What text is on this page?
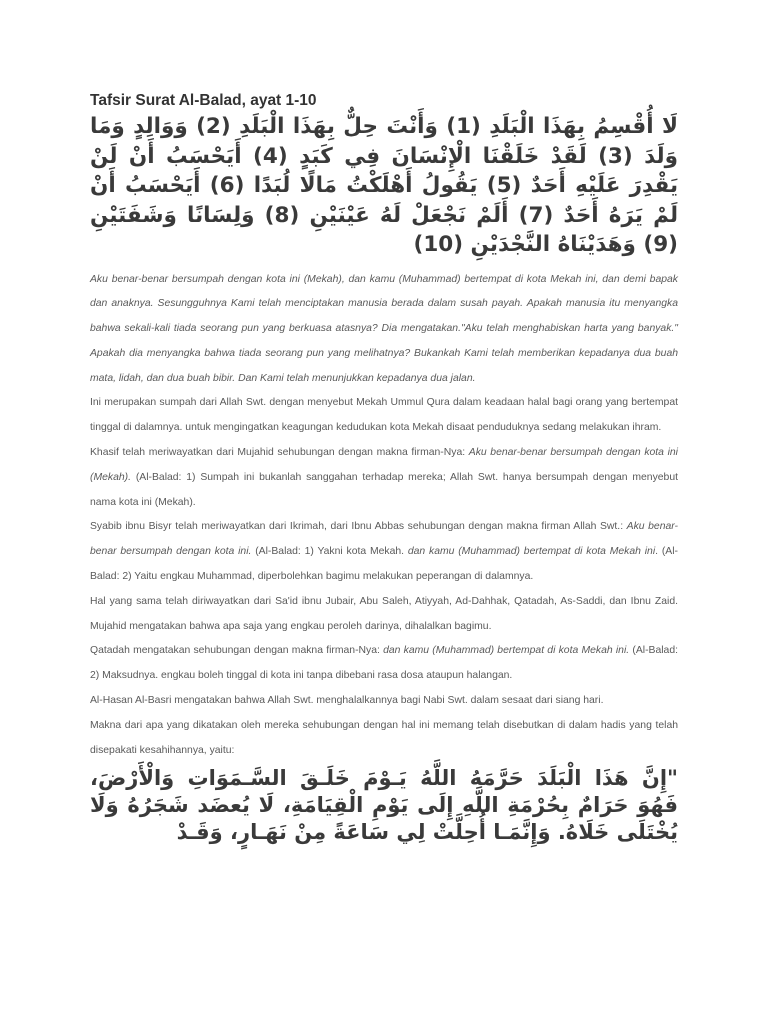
Tafsir Surat Al-Balad, ayat 1-10

لَا أُقْسِمُ بِهَذَا الْبَلَدِ (1) وَأَنْتَ حِلٌّ بِهَذَا الْبَلَدِ (2) وَوَالِدٍ وَمَا وَلَدَ (3) لَقَدْ خَلَقْنَا الْإِنْسَانَ فِي كَبَدٍ (4) أَيَحْسَبُ أَنْ لَنْ يَقْدِرَ عَلَيْهِ أَحَدٌ (5) يَقُولُ أَهْلَكْتُ مَالًا لُبَدًا (6) أَيَحْسَبُ أَنْ لَمْ يَرَهُ أَحَدٌ (7) أَلَمْ نَجْعَلْ لَهُ عَيْنَيْنِ (8) وَلِسَانًا وَشَفَتَيْنِ (9) وَهَدَيْنَاهُ النَّجْدَيْنِ (10)

Aku benar-benar bersumpah dengan kota ini (Mekah), dan kamu (Muhammad) bertempat di kota Mekah ini, dan demi bapak dan anaknya. Sesungguhnya Kami telah menciptakan manusia berada dalam susah payah. Apakah manusia itu menyangka bahwa sekali-kali tiada seorang pun yang berkuasa atasnya? Dia mengatakan."Aku telah menghabiskan harta yang banyak." Apakah dia menyangka bahwa tiada seorang pun yang melihatnya? Bukankah Kami telah memberikan kepadanya dua buah mata, lidah, dan dua buah bibir. Dan Kami telah menunjukkan kepadanya dua jalan.

Ini merupakan sumpah dari Allah Swt. dengan menyebut Mekah Ummul Qura dalam keadaan halal bagi orang yang bertempat tinggal di dalamnya. untuk mengingatkan keagungan kedudukan kota Mekah disaat penduduknya sedang melakukan ihram.

Khasif telah meriwayatkan dari Mujahid sehubungan dengan makna firman-Nya: Aku benar-benar bersumpah dengan kota ini (Mekah). (Al-Balad: 1) Sumpah ini bukanlah sanggahan terhadap mereka; Allah Swt. hanya bersumpah dengan menyebut nama kota ini (Mekah).

Syabib ibnu Bisyr telah meriwayatkan dari Ikrimah, dari Ibnu Abbas sehubungan dengan makna firman Allah Swt.: Aku benar-benar bersumpah dengan kota ini. (Al-Balad: 1) Yakni kota Mekah. dan kamu (Muhammad) bertempat di kota Mekah ini. (Al-Balad: 2) Yaitu engkau Muhammad, diperbolehkan bagimu melakukan peperangan di dalamnya.

Hal yang sama telah diriwayatkan dari Sa'id ibnu Jubair, Abu Saleh, Atiyyah, Ad-Dahhak, Qatadah, As-Saddi, dan Ibnu Zaid. Mujahid mengatakan bahwa apa saja yang engkau peroleh darinya, dihalalkan bagimu.

Qatadah mengatakan sehubungan dengan makna firman-Nya: dan kamu (Muhammad) bertempat di kota Mekah ini. (Al-Balad: 2) Maksudnya. engkau boleh tinggal di kota ini tanpa dibebani rasa dosa ataupun halangan.

Al-Hasan Al-Basri mengatakan bahwa Allah Swt. menghalalkannya bagi Nabi Swt. dalam sesaat dari siang hari.

Makna dari apa yang dikatakan oleh mereka sehubungan dengan hal ini memang telah disebutkan di dalam hadis yang telah disepakati kesahihannya, yaitu:

"إِنَّ هَذَا الْبَلَدَ حَرَّمَهُ اللَّهُ يَـوْمَ خَلَـقَ السَّـمَوَاتِ وَالْأَرْضَ، فَهُوَ حَرَامٌ بِحُرْمَةِ اللَّهِ إِلَى يَوْمِ الْقِيَامَةِ، لَا يُعضَد شَجَرُهُ وَلَا يُخْتَلَى خَلَاهُ. وَإِنَّمَـا أُحِلَّتْ لِي سَاعَةً مِنْ نَهَـارٍ، وَقَـدْ
